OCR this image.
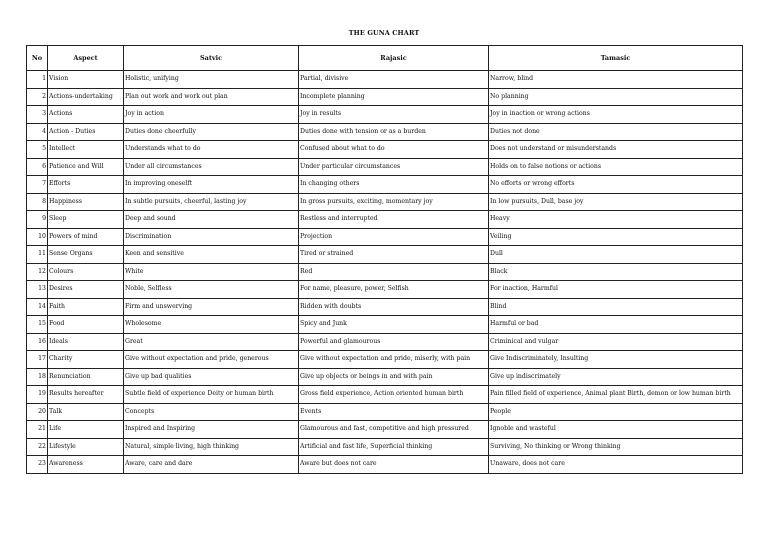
THE GUNA CHART
No	Aspect	Satvic	Rajasic	Tamasic
1	Vision	Holistic, unifying	Partial, divisive	Narrow, blind
2	Actions-undertaking	Plan out work and work out plan	Incomplete planning	No planning
3	Actions	Joy in action	Joy in results	Joy in inaction or wrong actions
4	Action - Duties	Duties done cheerfully	Duties done with tension or as a burden	Duties not done
5	Intellect	Understands what to do	Confused about what to do	Does not understand or misunderstands
6	Patience and Will	Under all circumstances	Under particular circumstances	Holds on to false notions or actions
7	Efforts	In improving oneselft	In changing others	No efforts or wrong efforts
8	Happiness	In subtle pursuits, cheerful, lasting joy	In gross pursuits, exciting, momentary joy	In low pursuits, Dull, base joy
9	Sleep	Deep and sound	Restless and interrupted	Heavy
10	Powers of mind	Discrimination	Projection	Veiling
11	Sense Organs	Keen and sensitive	Tired or strained	Dull
12	Colours	White	Red	Black
13	Desires	Noble, Selfless	For name, pleasure, power, Selfish	For inaction, Harmful
14	Faith	Firm and unswerving	Ridden with doubts	Blind
15	Food	Wholesome	Spicy and Junk	Harmful or bad
16	Ideals	Great	Powerful and glamourous	Criminical and vulgar
17	Charity	Give without expectation and pride, generous	Give without expectation and pride, miserly, with pain	Give Indiscriminately, Insulting
18	Renunciation	Give up bad qualities	Give up objects or beings in and with pain	Give up indiscrimately
19	Results hereafter	Subtle field of experience Deity or human birth	Gross field experience, Action oriented human birth	Pain filled field of experience, Animal plant Birth, demon or low human birth
20	Talk	Concepts	Events	People
21	Life	Inspired and Inspiring	Glamourous and fast, competitive and high pressured	Ignoble and wasteful
22	Lifestyle	Natural, simple living, high thinking	Artificial and fast life, Superficial thinking	Surviving, No thinking or Wrong thinking
23	Awareness	Aware, care and dare	Aware but does not care	Unaware, does not care
